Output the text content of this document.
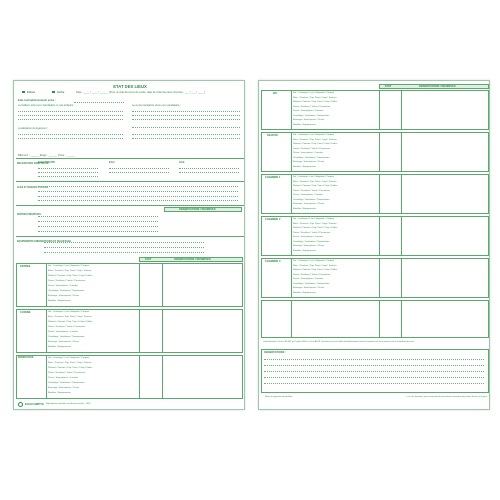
ETAT DES LIEUX
Entrée	Sortie	Date : ____ / ____ / ______ (Pour un état des lieux de sortie, date de l'état des lieux d'entrée : ___ / ___ / ____ )
Etat contradictoirement entre :
Le bailleur et/ou son mandataire, le cas échéant :	Le ou les locataires et/ou son mandataire :
Localisation du logement :
Bâtiment : ______ Etage : ______ Porte : ______
RELEVES DES COMPTEURS
ELECTRICITE	EAU	GAZ
CLES ET BADGES D'ACCES
OBSERVATIONS / RESERVES
PARTIES PRIVATIVES
EQUIPEMENTS ENERGETIQUES ET CHAUFFAGE
ETAT	OBSERVATIONS / RESERVES
ENTREE	Sol - Carrelage / Lino / Moquette / Parquet
Murs - Peinture / Pap. Peint / Crépi / Faïence
Plafond - Peinture / Pap. Peint / Crépi / Dalles
Portes / Fenêtres / Volets / Persiennes
Prises / Interrupteurs / Lumière
Chauffage / Ventilation / Climatisation
Eclairage / Interrupteurs / Prises
Meubles / Equipements
CUISINE	Sol - Carrelage / Lino / Moquette / Parquet
Murs - Peinture / Pap. Peint / Crépi / Faïence
Plafond - Peinture / Pap. Peint / Crépi / Dalles
Portes / Fenêtres / Volets / Persiennes
Prises / Interrupteurs / Lumière
Chauffage / Ventilation / Climatisation
Eclairage / Interrupteurs / Prises
Meubles / Equipements
SDB/DOUCHE	Sol - Carrelage / Lino / Moquette / Parquet
Murs - Peinture / Pap. Peint / Crépi / Faïence
Plafond - Peinture / Pap. Peint / Crépi / Dalles
Portes / Fenêtres / Volets / Persiennes
Prises / Interrupteurs / Lumière
Chauffage / Ventilation / Climatisation
Eclairage / Interrupteurs / Prises
Meubles / Equipements
EXACOMPTA Reproduction interdite, tous droits réservés - 2016
ETAT	OBSERVATIONS / RESERVES
WC	Sol - Carrelage / Lino / Moquette / Parquet
Murs - Peinture / Pap. Peint / Crépi / Faïence
Plafond - Peinture / Pap. Peint / Crépi / Dalles
Portes / Fenêtres / Volets / Persiennes
Prises / Interrupteurs / Lumière
Chauffage / Ventilation / Climatisation
Eclairage / Interrupteurs / Prises
Meubles / Equipements
SEJOUR	Sol - Carrelage / Lino / Moquette / Parquet
Murs - Peinture / Pap. Peint / Crépi / Faïence
Plafond - Peinture / Pap. Peint / Crépi / Dalles
Portes / Fenêtres / Volets / Persiennes
Prises / Interrupteurs / Lumière
Chauffage / Ventilation / Climatisation
Eclairage / Interrupteurs / Prises
Meubles / Equipements
CHAMBRE 1	Sol - Carrelage / Lino / Moquette / Parquet
Murs - Peinture / Pap. Peint / Crépi / Faïence
Plafond - Peinture / Pap. Peint / Crépi / Dalles
Portes / Fenêtres / Volets / Persiennes
Prises / Interrupteurs / Lumière
Chauffage / Ventilation / Climatisation
Eclairage / Interrupteurs / Prises
Meubles / Equipements
CHAMBRE 2	Sol - Carrelage / Lino / Moquette / Parquet
Murs - Peinture / Pap. Peint / Crépi / Faïence
Plafond - Peinture / Pap. Peint / Crépi / Dalles
Portes / Fenêtres / Volets / Persiennes
Prises / Interrupteurs / Lumière
Chauffage / Ventilation / Climatisation
Eclairage / Interrupteurs / Prises
Meubles / Equipements
CHAMBRE 3	Sol - Carrelage / Lino / Moquette / Parquet
Murs - Peinture / Pap. Peint / Crépi / Faïence
Plafond - Peinture / Pap. Peint / Crépi / Dalles
Portes / Fenêtres / Volets / Persiennes
Prises / Interrupteurs / Lumière
Chauffage / Ventilation / Climatisation
Eclairage / Interrupteurs / Prises
Meubles / Equipements
Conformément à la loi n°89-462 du 6 juillet 1989 et à la loi ALUR, l'état des lieux est établi contradictoirement entre les parties lors de la remise et de la restitution des clés.
OBSERVATIONS :
Nom et signature du bailleur	Le ou les locataires, nom et signature des personnes concernées pour valeur d'acte sur la place
